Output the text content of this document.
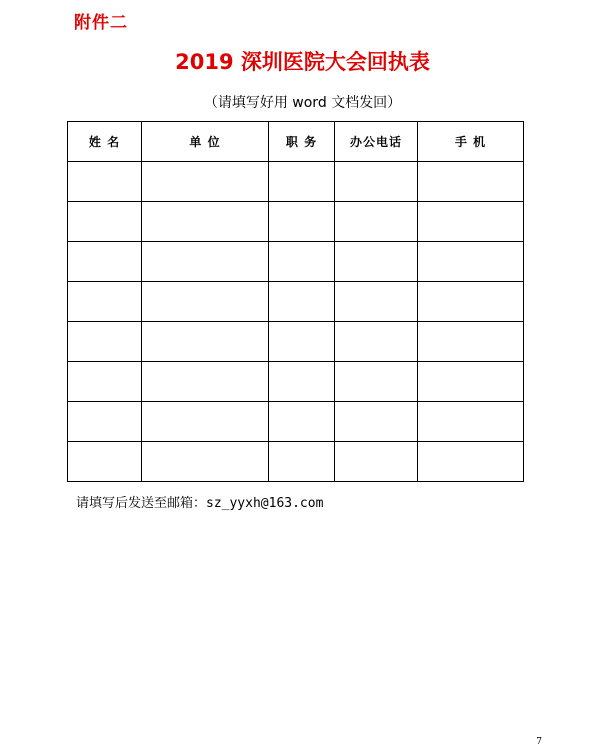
附件二
2019 深圳医院大会回执表
（请填写好用 word 文档发回）
姓 名	单 位	职 务	办公电话	手 机

请填写后发送至邮箱：sz_yyxh@163.com
7
